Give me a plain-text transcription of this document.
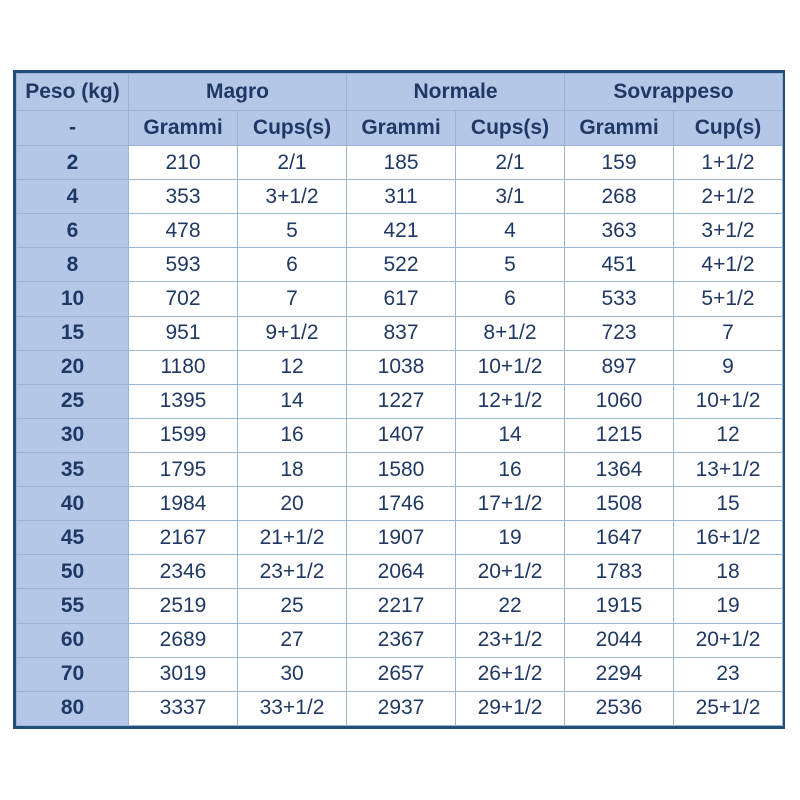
Peso (kg)	Magro		Normale		Sovrappeso	
-	Grammi	Cups(s)	Grammi	Cups(s)	Grammi	Cup(s)
2	210	2/1	185	2/1	159	1+1/2
4	353	3+1/2	311	3/1	268	2+1/2
6	478	5	421	4	363	3+1/2
8	593	6	522	5	451	4+1/2
10	702	7	617	6	533	5+1/2
15	951	9+1/2	837	8+1/2	723	7
20	1180	12	1038	10+1/2	897	9
25	1395	14	1227	12+1/2	1060	10+1/2
30	1599	16	1407	14	1215	12
35	1795	18	1580	16	1364	13+1/2
40	1984	20	1746	17+1/2	1508	15
45	2167	21+1/2	1907	19	1647	16+1/2
50	2346	23+1/2	2064	20+1/2	1783	18
55	2519	25	2217	22	1915	19
60	2689	27	2367	23+1/2	2044	20+1/2
70	3019	30	2657	26+1/2	2294	23
80	3337	33+1/2	2937	29+1/2	2536	25+1/2
